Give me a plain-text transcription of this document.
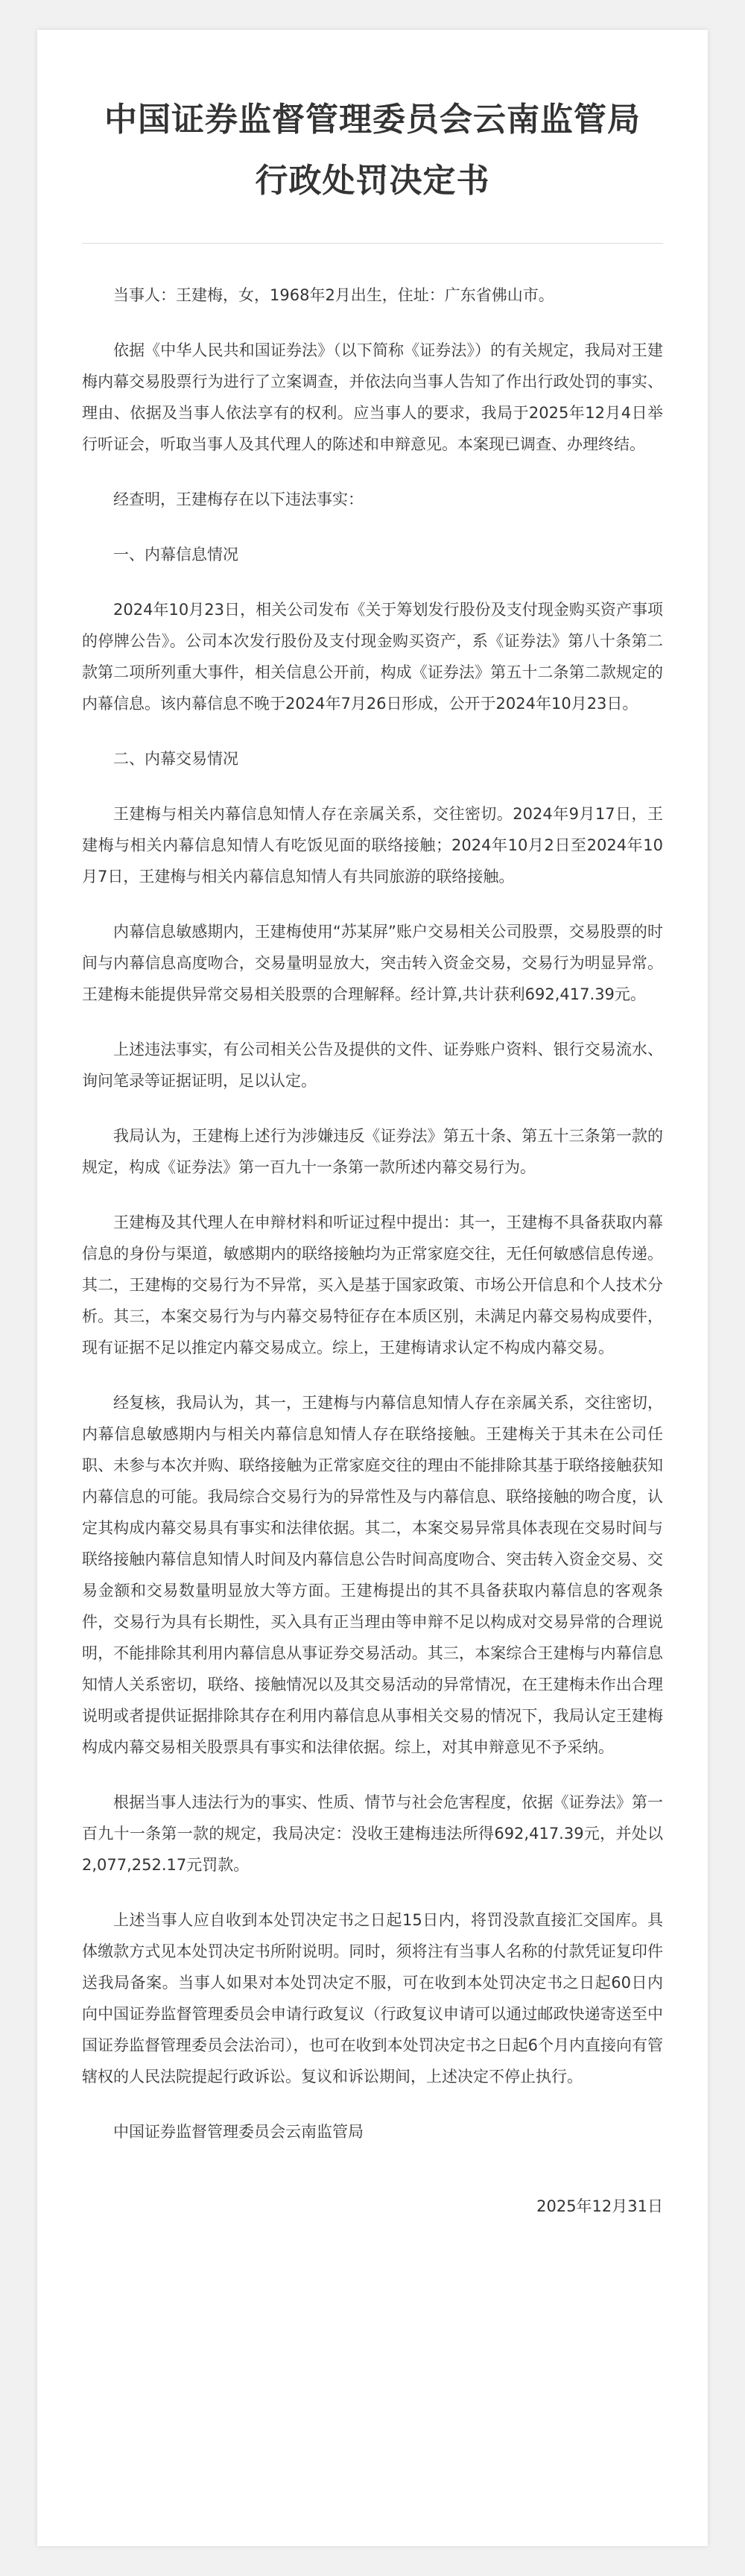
中国证券监督管理委员会云南监管局
行政处罚决定书

当事人：王建梅，女，1968年2月出生，住址：广东省佛山市。

依据《中华人民共和国证券法》（以下简称《证券法》）的有关规定，我局对王建梅内幕交易股票行为进行了立案调查，并依法向当事人告知了作出行政处罚的事实、理由、依据及当事人依法享有的权利。应当事人的要求，我局于2025年12月4日举行听证会，听取当事人及其代理人的陈述和申辩意见。本案现已调查、办理终结。

经查明，王建梅存在以下违法事实：

一、内幕信息情况

2024年10月23日，相关公司发布《关于筹划发行股份及支付现金购买资产事项的停牌公告》。公司本次发行股份及支付现金购买资产，系《证券法》第八十条第二款第二项所列重大事件，相关信息公开前，构成《证券法》第五十二条第二款规定的内幕信息。该内幕信息不晚于2024年7月26日形成，公开于2024年10月23日。

二、内幕交易情况

王建梅与相关内幕信息知情人存在亲属关系，交往密切。2024年9月17日，王建梅与相关内幕信息知情人有吃饭见面的联络接触；2024年10月2日至2024年10月7日，王建梅与相关内幕信息知情人有共同旅游的联络接触。

内幕信息敏感期内，王建梅使用“苏某屏”账户交易相关公司股票，交易股票的时间与内幕信息高度吻合，交易量明显放大，突击转入资金交易，交易行为明显异常。王建梅未能提供异常交易相关股票的合理解释。经计算,共计获利692,417.39元。

上述违法事实，有公司相关公告及提供的文件、证券账户资料、银行交易流水、询问笔录等证据证明，足以认定。

我局认为，王建梅上述行为涉嫌违反《证券法》第五十条、第五十三条第一款的规定，构成《证券法》第一百九十一条第一款所述内幕交易行为。

王建梅及其代理人在申辩材料和听证过程中提出：其一，王建梅不具备获取内幕信息的身份与渠道，敏感期内的联络接触均为正常家庭交往，无任何敏感信息传递。其二，王建梅的交易行为不异常，买入是基于国家政策、市场公开信息和个人技术分析。其三，本案交易行为与内幕交易特征存在本质区别，未满足内幕交易构成要件，现有证据不足以推定内幕交易成立。综上，王建梅请求认定不构成内幕交易。

经复核，我局认为，其一，王建梅与内幕信息知情人存在亲属关系，交往密切，内幕信息敏感期内与相关内幕信息知情人存在联络接触。王建梅关于其未在公司任职、未参与本次并购、联络接触为正常家庭交往的理由不能排除其基于联络接触获知内幕信息的可能。我局综合交易行为的异常性及与内幕信息、联络接触的吻合度，认定其构成内幕交易具有事实和法律依据。其二，本案交易异常具体表现在交易时间与联络接触内幕信息知情人时间及内幕信息公告时间高度吻合、突击转入资金交易、交易金额和交易数量明显放大等方面。王建梅提出的其不具备获取内幕信息的客观条件，交易行为具有长期性，买入具有正当理由等申辩不足以构成对交易异常的合理说明，不能排除其利用内幕信息从事证券交易活动。其三，本案综合王建梅与内幕信息知情人关系密切，联络、接触情况以及其交易活动的异常情况，在王建梅未作出合理说明或者提供证据排除其存在利用内幕信息从事相关交易的情况下，我局认定王建梅构成内幕交易相关股票具有事实和法律依据。综上，对其申辩意见不予采纳。

根据当事人违法行为的事实、性质、情节与社会危害程度，依据《证券法》第一百九十一条第一款的规定，我局决定：没收王建梅违法所得692,417.39元，并处以2,077,252.17元罚款。

上述当事人应自收到本处罚决定书之日起15日内，将罚没款直接汇交国库。具体缴款方式见本处罚决定书所附说明。同时，须将注有当事人名称的付款凭证复印件送我局备案。当事人如果对本处罚决定不服，可在收到本处罚决定书之日起60日内向中国证券监督管理委员会申请行政复议（行政复议申请可以通过邮政快递寄送至中国证券监督管理委员会法治司），也可在收到本处罚决定书之日起6个月内直接向有管辖权的人民法院提起行政诉讼。复议和诉讼期间，上述决定不停止执行。

中国证券监督管理委员会云南监管局

2025年12月31日
